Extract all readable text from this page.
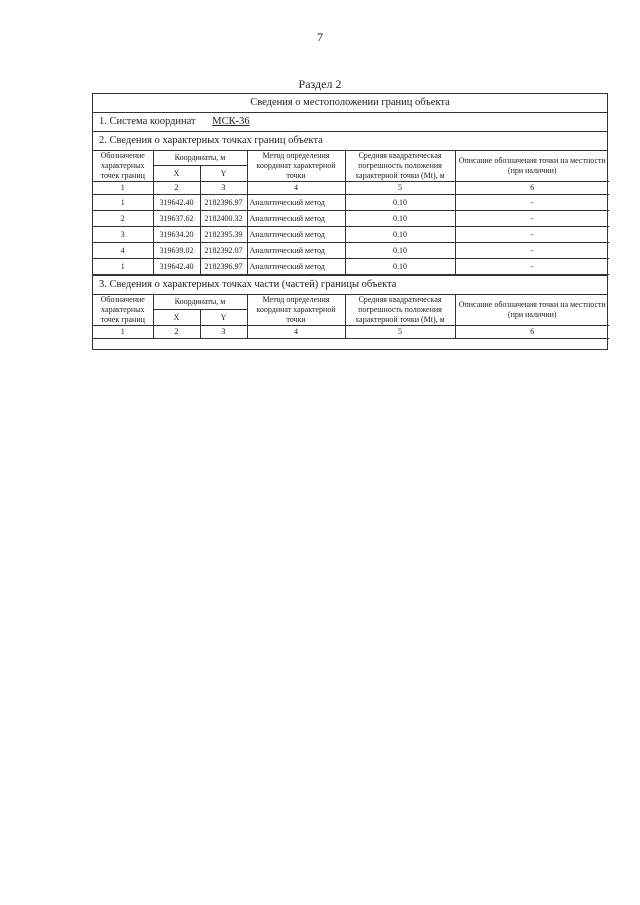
7
Раздел 2
Сведения о местоположении границ объекта
1. Система координат МСК-36
2. Сведения о характерных точках границ объекта
Обозначение характерных точек границ	Координаты, м		Метод определения координат характерной точки	Средняя квадратическая погрешность положения характерной точки (Mt), м	Описание обозначения точки на местности (при наличии)
	X	Y			
1	2	3	4	5	6
1	319642.40	2182396.97	Аналитический метод	0.10	-
2	319637.62	2182400.32	Аналитический метод	0.10	-
3	319634.20	2182395.39	Аналитический метод	0.10	-
4	319639.02	2182392.07	Аналитический метод	0.10	-
1	319642.40	2182396.97	Аналитический метод	0.10	-
3. Сведения о характерных точках части (частей) границы объекта
Обозначение характерных точек границ	Координаты, м		Метод определения координат характерной точки	Средняя квадратическая погрешность положения характерной точки (Mt), м	Описание обозначения точки на местности (при наличии)
	X	Y			
1	2	3	4	5	6
